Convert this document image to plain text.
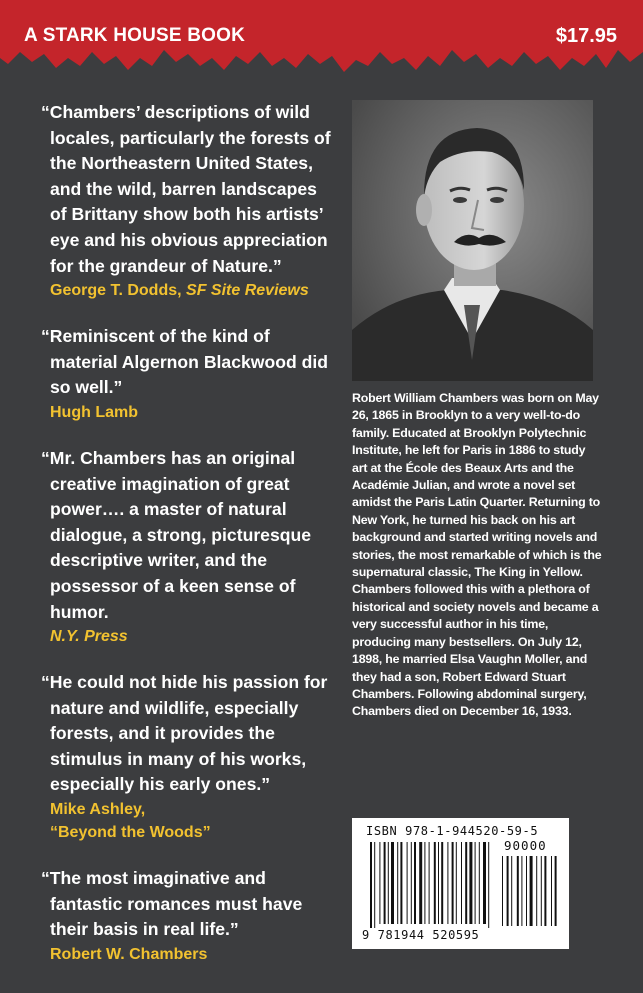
A STARK HOUSE BOOK	$17.95
“Chambers’ descriptions of wild locales, particularly the forests of the Northeastern United States, and the wild, barren landscapes of Brittany show both his artists’ eye and his obvious appreciation for the grandeur of Nature.”
George T. Dodds, SF Site Reviews
“Reminiscent of the kind of material Algernon Blackwood did so well.”
Hugh Lamb
“Mr. Chambers has an original creative imagination of great power…. a master of natural dialogue, a strong, picturesque descriptive writer, and the possessor of a keen sense of humor.
N.Y. Press
“He could not hide his passion for nature and wildlife, especially forests, and it provides the stimulus in many of his works, especially his early ones.”
Mike Ashley,
“Beyond the Woods”
“The most imaginative and fantastic romances must have their basis in real life.”
Robert W. Chambers
Robert William Chambers was born on May 26, 1865 in Brooklyn to a very well-to-do family. Educated at Brooklyn Polytechnic Institute, he left for Paris in 1886 to study art at the École des Beaux Arts and the Académie Julian, and wrote a novel set amidst the Paris Latin Quarter. Returning to New York, he turned his back on his art background and started writing novels and stories, the most remarkable of which is the supernatural classic, The King in Yellow. Chambers followed this with a plethora of historical and society novels and became a very successful author in his time, producing many bestsellers. On July 12, 1898, he married Elsa Vaughn Moller, and they had a son, Robert Edward Stuart Chambers. Following abdominal surgery, Chambers died on December 16, 1933.
ISBN 978-1-944520-59-5
90000
9 781944 520595
